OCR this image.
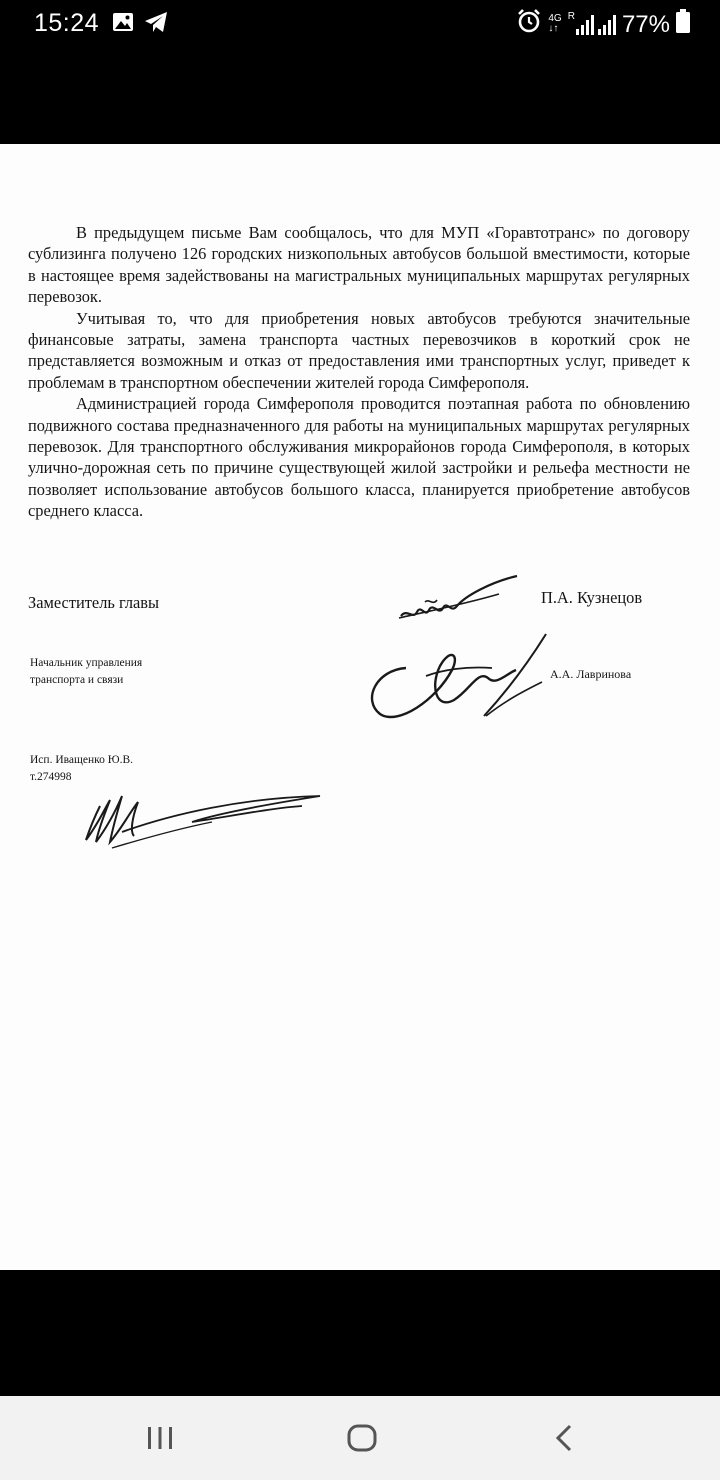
15:24	4G
↓↑
R 77%

В предыдущем письме Вам сообщалось, что для МУП «Горавтотранс» по договору сублизинга получено 126 городских низкопольных автобусов большой вместимости, которые в настоящее время задействованы на магистральных муниципальных маршрутах регулярных перевозок.

Учитывая то, что для приобретения новых автобусов требуются значительные финансовые затраты, замена транспорта частных перевозчиков в короткий срок не представляется возможным и отказ от предоставления ими транспортных услуг, приведет к проблемам в транспортном обеспечении жителей города Симферополя.

Администрацией города Симферополя проводится поэтапная работа по обновлению подвижного состава предназначенного для работы на муниципальных маршрутах регулярных перевозок. Для транспортного обслуживания микрорайонов города Симферополя, в которых улично-дорожная сеть по причине существующей жилой застройки и рельефа местности не позволяет использование автобусов большого класса, планируется приобретение автобусов среднего класса.

Заместитель главы	П.А. Кузнецов
Начальник управления
транспорта и связи	А.А. Лавринова
Исп. Иващенко Ю.В.
т.274998
